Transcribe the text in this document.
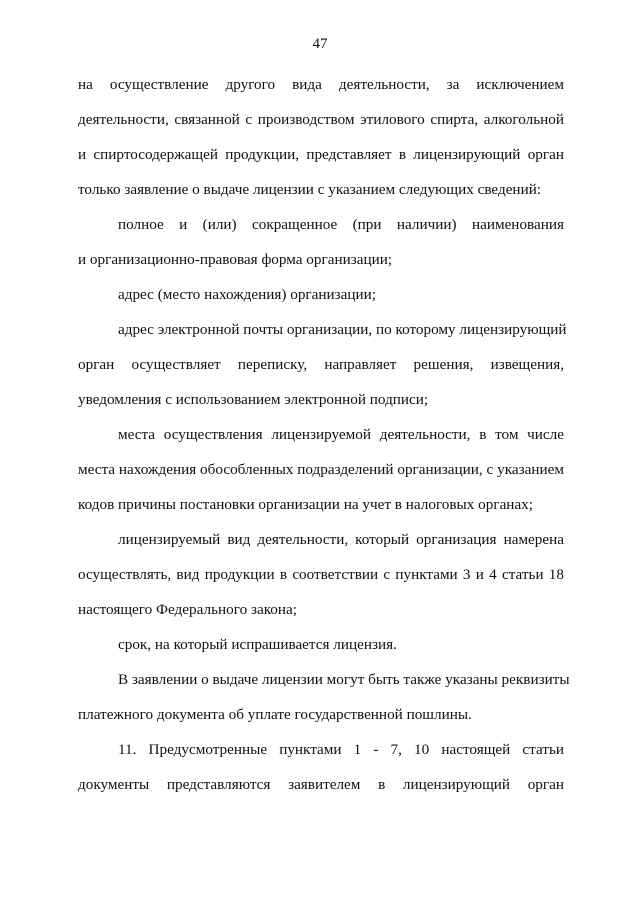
47
на осуществление другого вида деятельности, за исключением
деятельности, связанной с производством этилового спирта, алкогольной
и спиртосодержащей продукции, представляет в лицензирующий орган
только заявление о выдаче лицензии с указанием следующих сведений:
полное и (или) сокращенное (при наличии) наименования
и организационно-правовая форма организации;
адрес (место нахождения) организации;
адрес электронной почты организации, по которому лицензирующий
орган осуществляет переписку, направляет решения, извещения,
уведомления с использованием электронной подписи;
места осуществления лицензируемой деятельности, в том числе
места нахождения обособленных подразделений организации, с указанием
кодов причины постановки организации на учет в налоговых органах;
лицензируемый вид деятельности, который организация намерена
осуществлять, вид продукции в соответствии с пунктами 3 и 4 статьи 18
настоящего Федерального закона;
срок, на который испрашивается лицензия.
В заявлении о выдаче лицензии могут быть также указаны реквизиты
платежного документа об уплате государственной пошлины.
11. Предусмотренные пунктами 1 - 7, 10 настоящей статьи
документы представляются заявителем в лицензирующий орган
